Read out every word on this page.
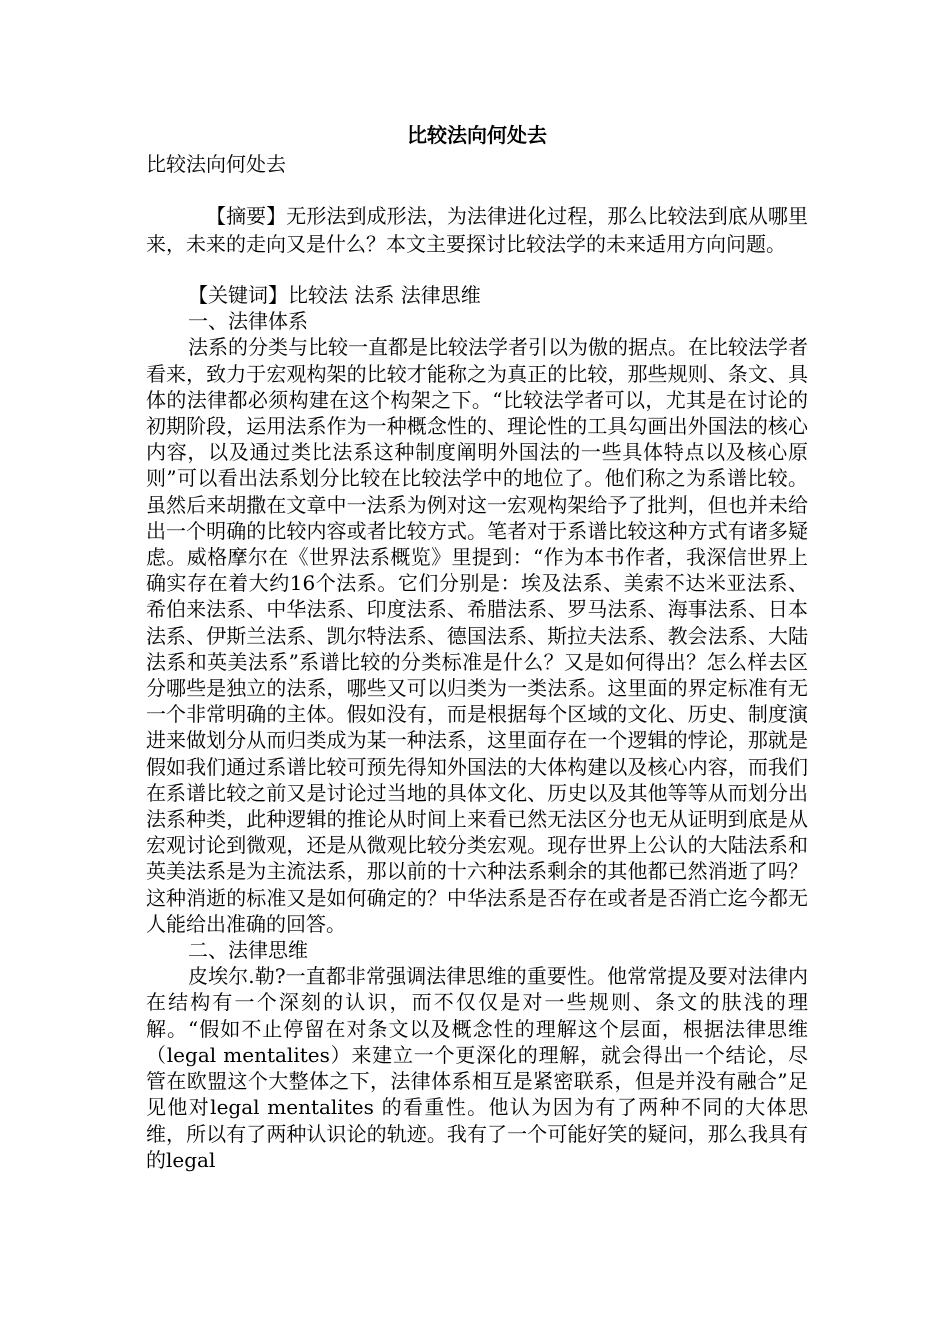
比较法向何处去

比较法向何处去

【摘要】无形法到成形法，为法律进化过程，那么比较法到底从哪里来，未来的走向又是什么？本文主要探讨比较法学的未来适用方向问题。

【关键词】比较法 法系 法律思维

一、法律体系

法系的分类与比较一直都是比较法学者引以为傲的据点。在比较法学者看来，致力于宏观构架的比较才能称之为真正的比较，那些规则、条文、具体的法律都必须构建在这个构架之下。“比较法学者可以，尤其是在讨论的初期阶段，运用法系作为一种概念性的、理论性的工具勾画出外国法的核心内容，以及通过类比法系这种制度阐明外国法的一些具体特点以及核心原则”可以看出法系划分比较在比较法学中的地位了。他们称之为系谱比较。虽然后来胡撒在文章中一法系为例对这一宏观构架给予了批判，但也并未给出一个明确的比较内容或者比较方式。笔者对于系谱比较这种方式有诸多疑虑。威格摩尔在《世界法系概览》里提到：“作为本书作者，我深信世界上确实存在着大约16个法系。它们分别是：埃及法系、美索不达米亚法系、希伯来法系、中华法系、印度法系、希腊法系、罗马法系、海事法系、日本法系、伊斯兰法系、凯尔特法系、德国法系、斯拉夫法系、教会法系、大陆法系和英美法系”系谱比较的分类标准是什么？又是如何得出？怎么样去区分哪些是独立的法系，哪些又可以归类为一类法系。这里面的界定标准有无一个非常明确的主体。假如没有，而是根据每个区域的文化、历史、制度演进来做划分从而归类成为某一种法系，这里面存在一个逻辑的悖论，那就是假如我们通过系谱比较可预先得知外国法的大体构建以及核心内容，而我们在系谱比较之前又是讨论过当地的具体文化、历史以及其他等等从而划分出法系种类，此种逻辑的推论从时间上来看已然无法区分也无从证明到底是从宏观讨论到微观，还是从微观比较分类宏观。现存世界上公认的大陆法系和英美法系是为主流法系，那以前的十六种法系剩余的其他都已然消逝了吗？这种消逝的标准又是如何确定的？中华法系是否存在或者是否消亡迄今都无人能给出准确的回答。

二、法律思维

皮埃尔.勒?一直都非常强调法律思维的重要性。他常常提及要对法律内在结构有一个深刻的认识，而不仅仅是对一些规则、条文的肤浅的理解。“假如不止停留在对条文以及概念性的理解这个层面，根据法律思维（legal mentalites）来建立一个更深化的理解，就会得出一个结论，尽管在欧盟这个大整体之下，法律体系相互是紧密联系，但是并没有融合”足见他对legal mentalites 的看重性。他认为因为有了两种不同的大体思维，所以有了两种认识论的轨迹。我有了一个可能好笑的疑问，那么我具有的legal
